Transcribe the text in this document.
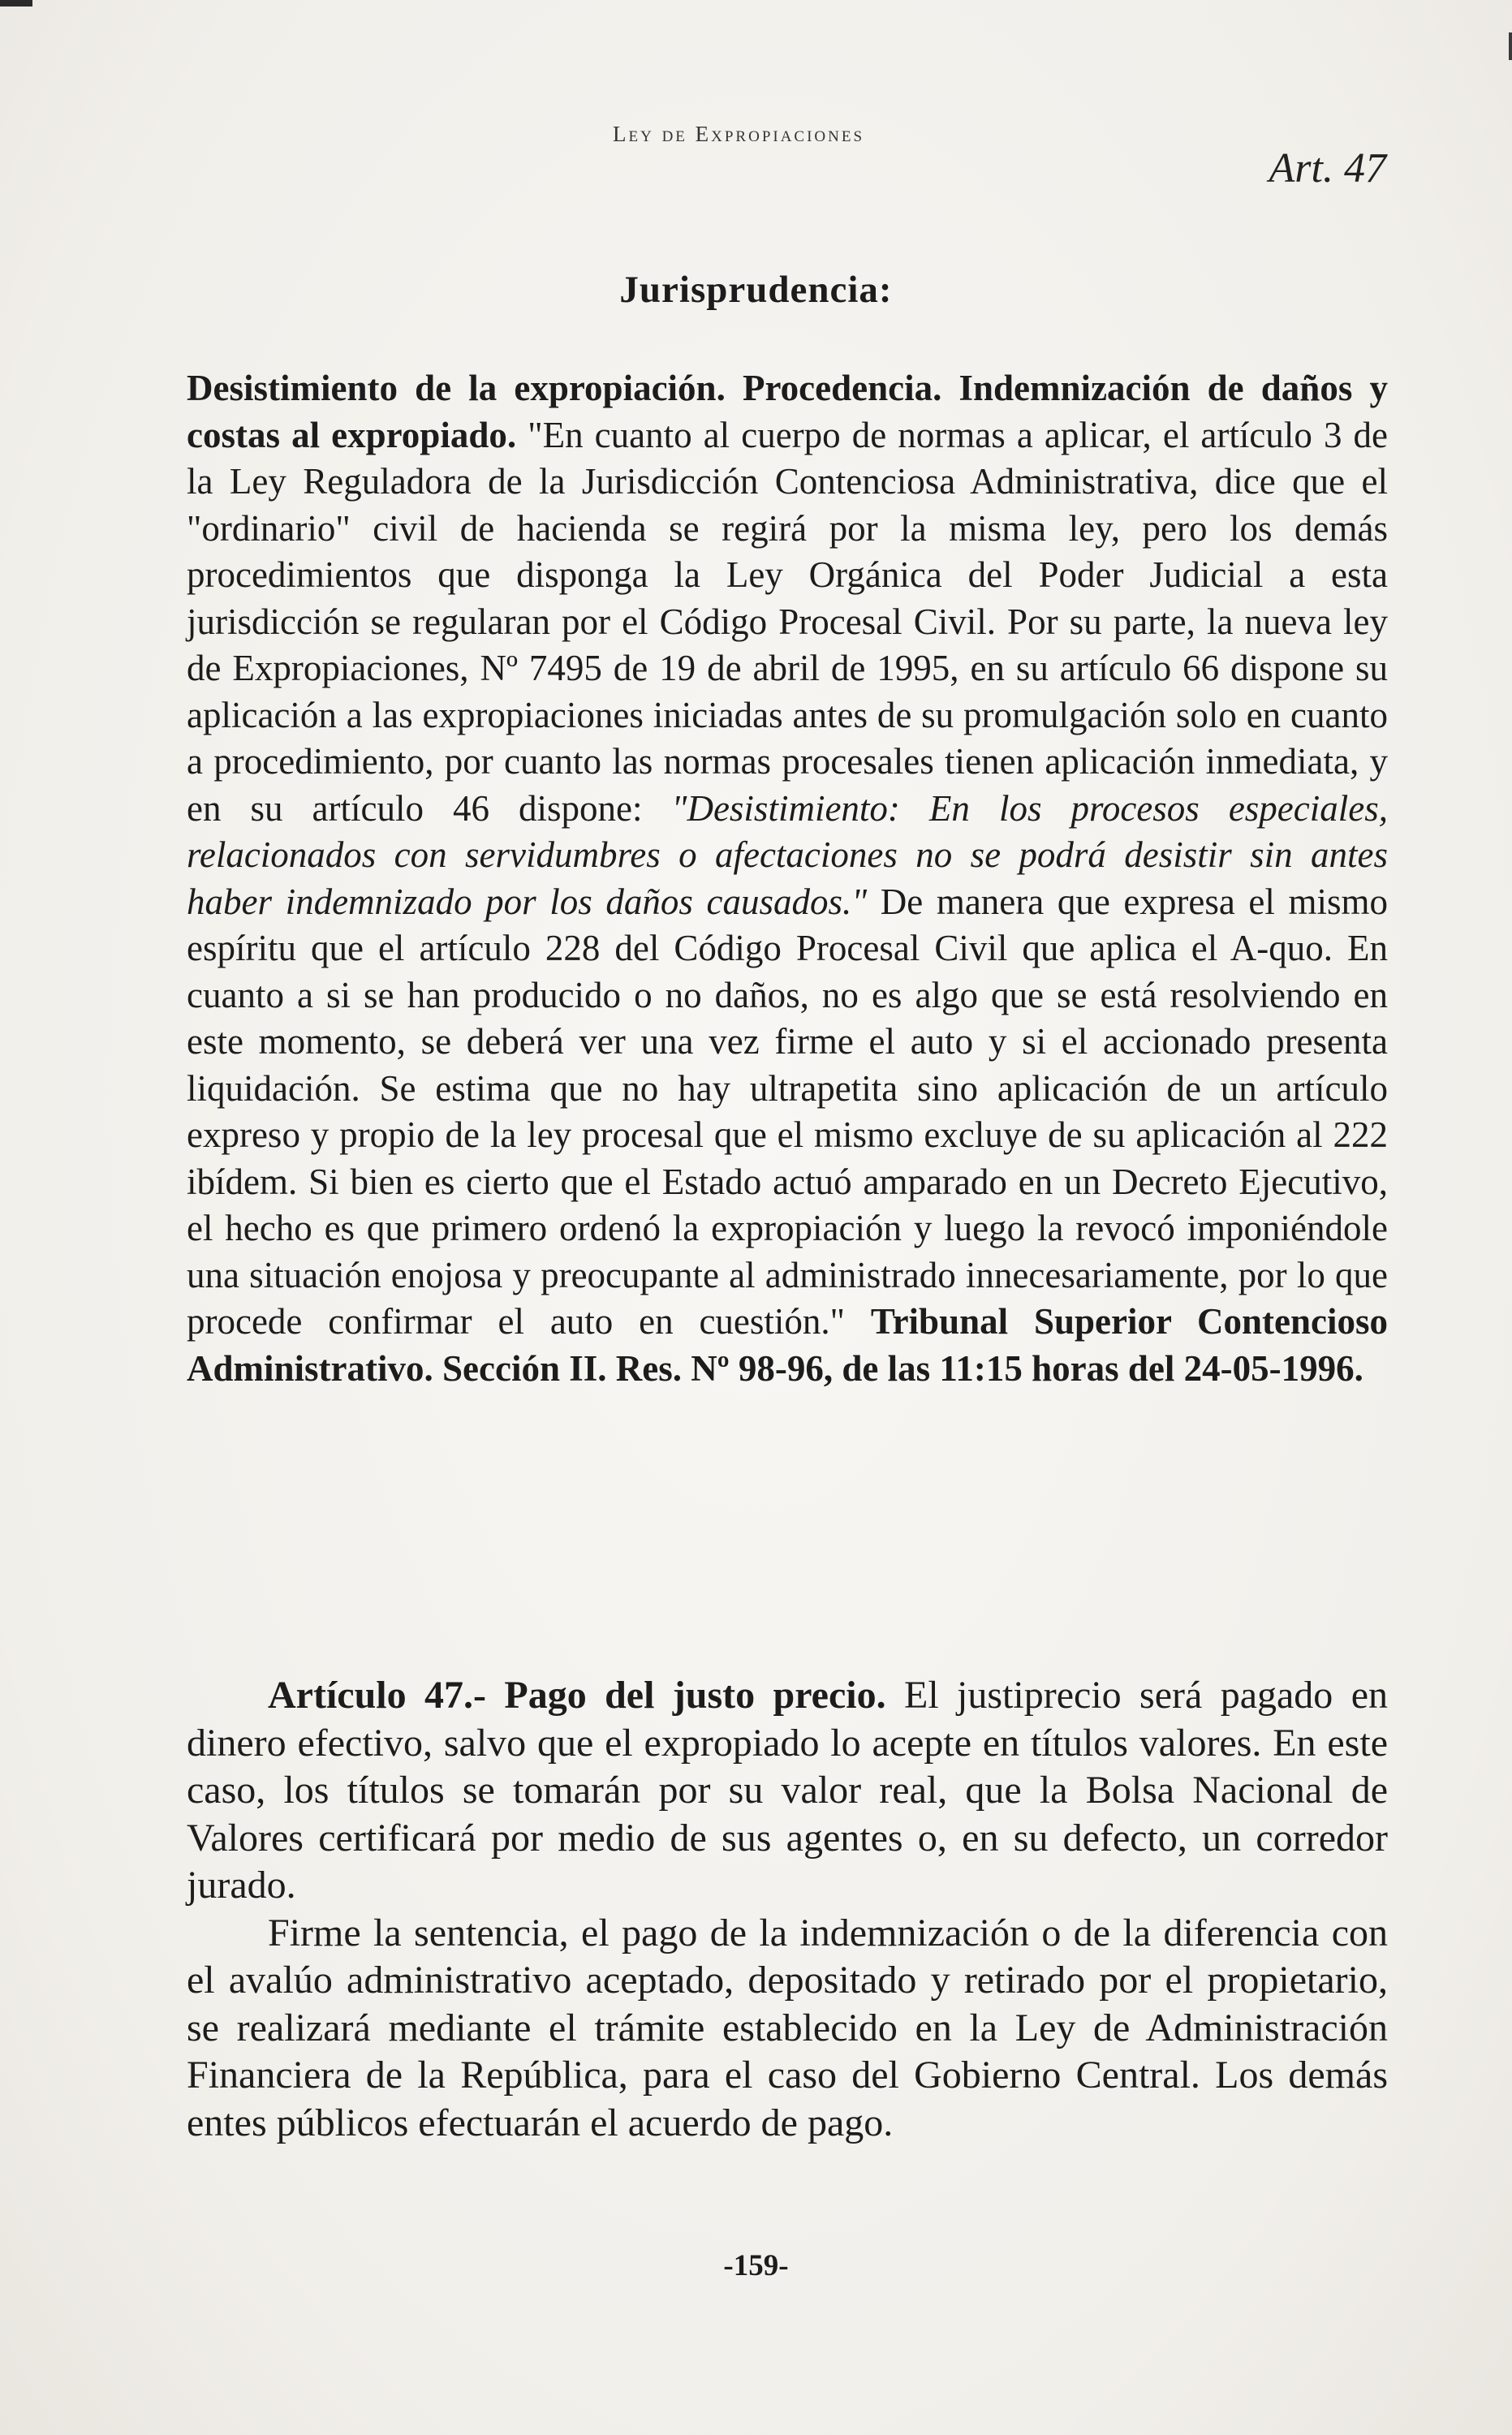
Ley de Expropiaciones
Art. 47
Jurisprudencia:
Desistimiento de la expropiación. Procedencia. Indemnización de daños y costas al expropiado. "En cuanto al cuerpo de normas a aplicar, el artículo 3 de la Ley Reguladora de la Jurisdicción Contenciosa Administrativa, dice que el "ordinario" civil de hacienda se regirá por la misma ley, pero los demás procedimientos que disponga la Ley Orgánica del Poder Judicial a esta jurisdicción se regularan por el Código Procesal Civil. Por su parte, la nueva ley de Expropiaciones, Nº 7495 de 19 de abril de 1995, en su artículo 66 dispone su aplicación a las expropiaciones iniciadas antes de su promulgación solo en cuanto a procedimiento, por cuanto las normas procesales tienen aplicación inmediata, y en su artículo 46 dispone: "Desistimiento: En los procesos especiales, relacionados con servidumbres o afectaciones no se podrá desistir sin antes haber indemnizado por los daños causados." De manera que expresa el mismo espíritu que el artículo 228 del Código Procesal Civil que aplica el A-quo. En cuanto a si se han producido o no daños, no es algo que se está resolviendo en este momento, se deberá ver una vez firme el auto y si el accionado presenta liquidación. Se estima que no hay ultrapetita sino aplicación de un artículo expreso y propio de la ley procesal que el mismo excluye de su aplicación al 222 ibídem. Si bien es cierto que el Estado actuó amparado en un Decreto Ejecutivo, el hecho es que primero ordenó la expropiación y luego la revocó imponiéndole una situación enojosa y preocupante al administrado innecesariamente, por lo que procede confirmar el auto en cuestión." Tribunal Superior Contencioso Administrativo. Sección II. Res. Nº 98-96, de las 11:15 horas del 24-05-1996.

Artículo 47.- Pago del justo precio. El justiprecio será pagado en dinero efectivo, salvo que el expropiado lo acepte en títulos valores. En este caso, los títulos se tomarán por su valor real, que la Bolsa Nacional de Valores certificará por medio de sus agentes o, en su defecto, un corredor jurado.

Firme la sentencia, el pago de la indemnización o de la diferencia con el avalúo administrativo aceptado, depositado y retirado por el propietario, se realizará mediante el trámite establecido en la Ley de Administración Financiera de la República, para el caso del Gobierno Central. Los demás entes públicos efectuarán el acuerdo de pago.

-159-
